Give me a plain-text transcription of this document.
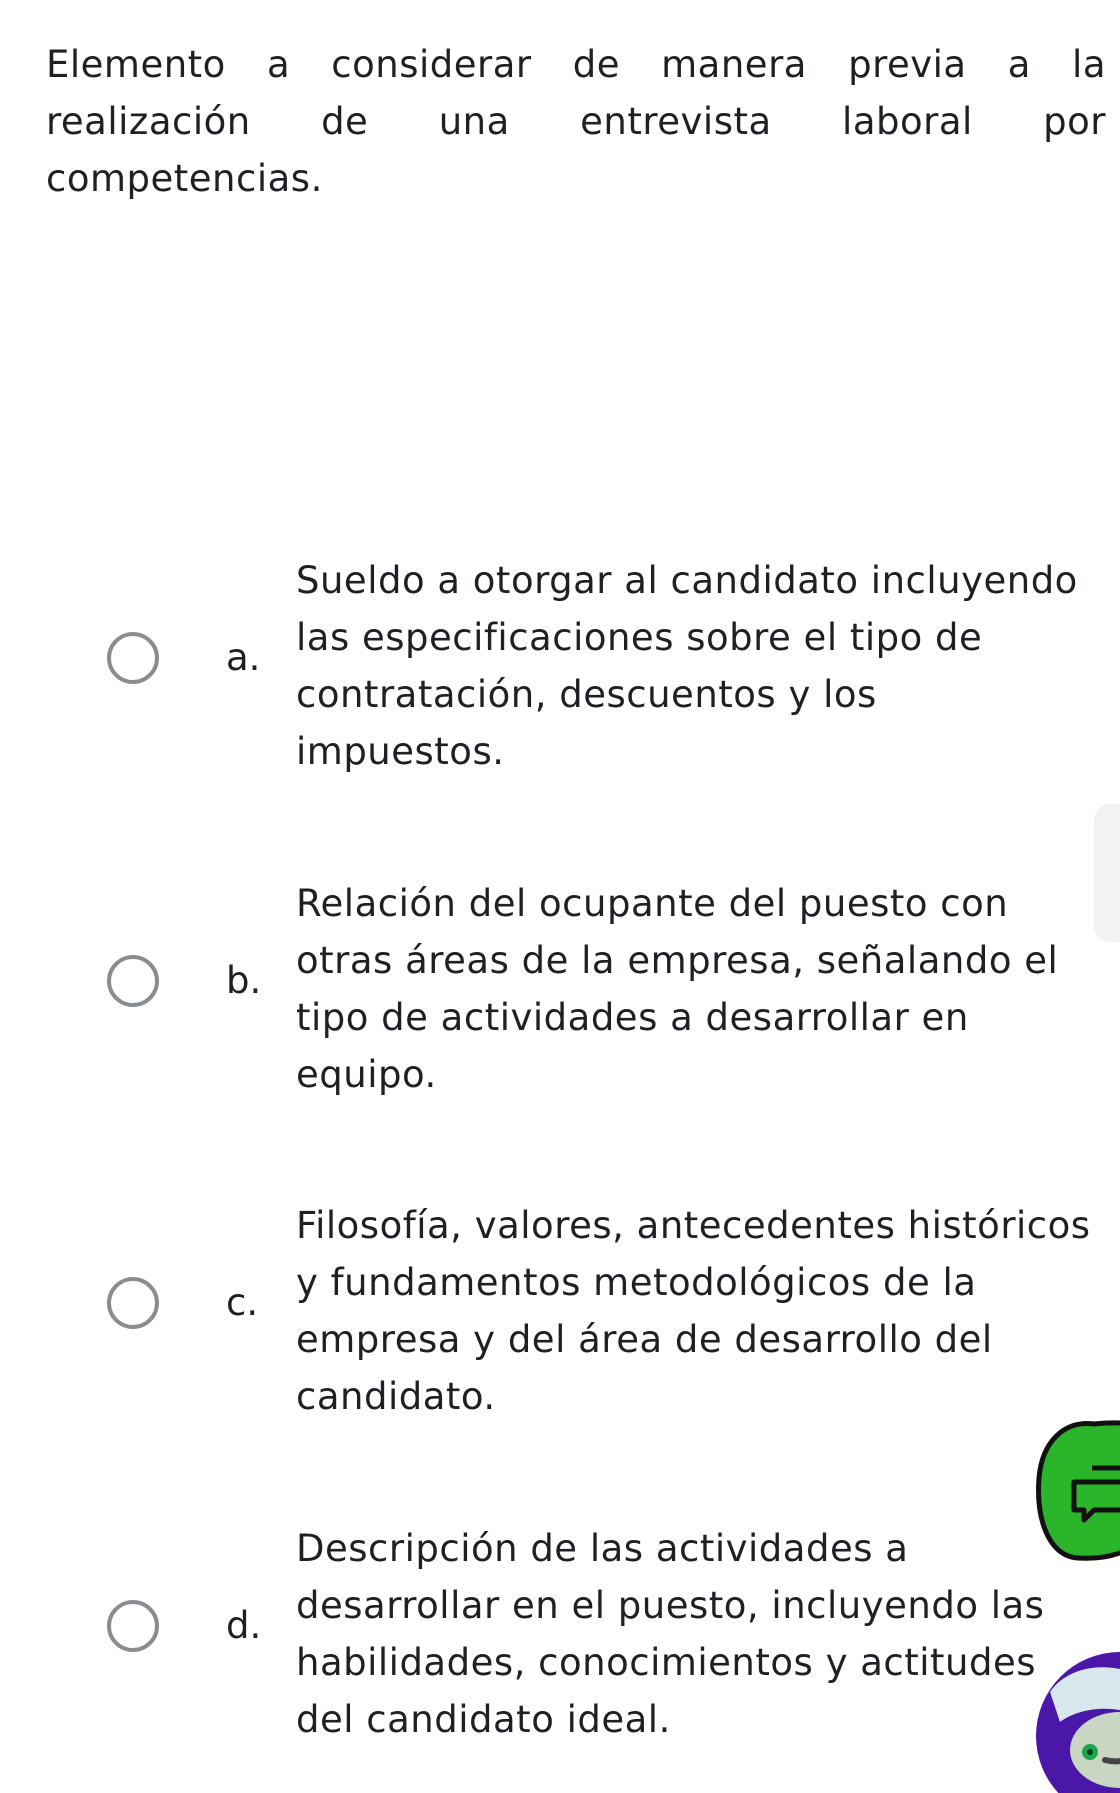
Elemento a considerar de manera previa a la realización de una entrevista laboral por competencias.

a.

Sueldo a otorgar al candidato incluyendo las especificaciones sobre el tipo de contratación, descuentos y los impuestos.

b.

Relación del ocupante del puesto con otras áreas de la empresa, señalando el tipo de actividades a desarrollar en equipo.

c.

Filosofía, valores, antecedentes históricos y fundamentos metodológicos de la empresa y del área de desarrollo del candidato.

d.

Descripción de las actividades a desarrollar en el puesto, incluyendo las habilidades, conocimientos y actitudes del candidato ideal.
